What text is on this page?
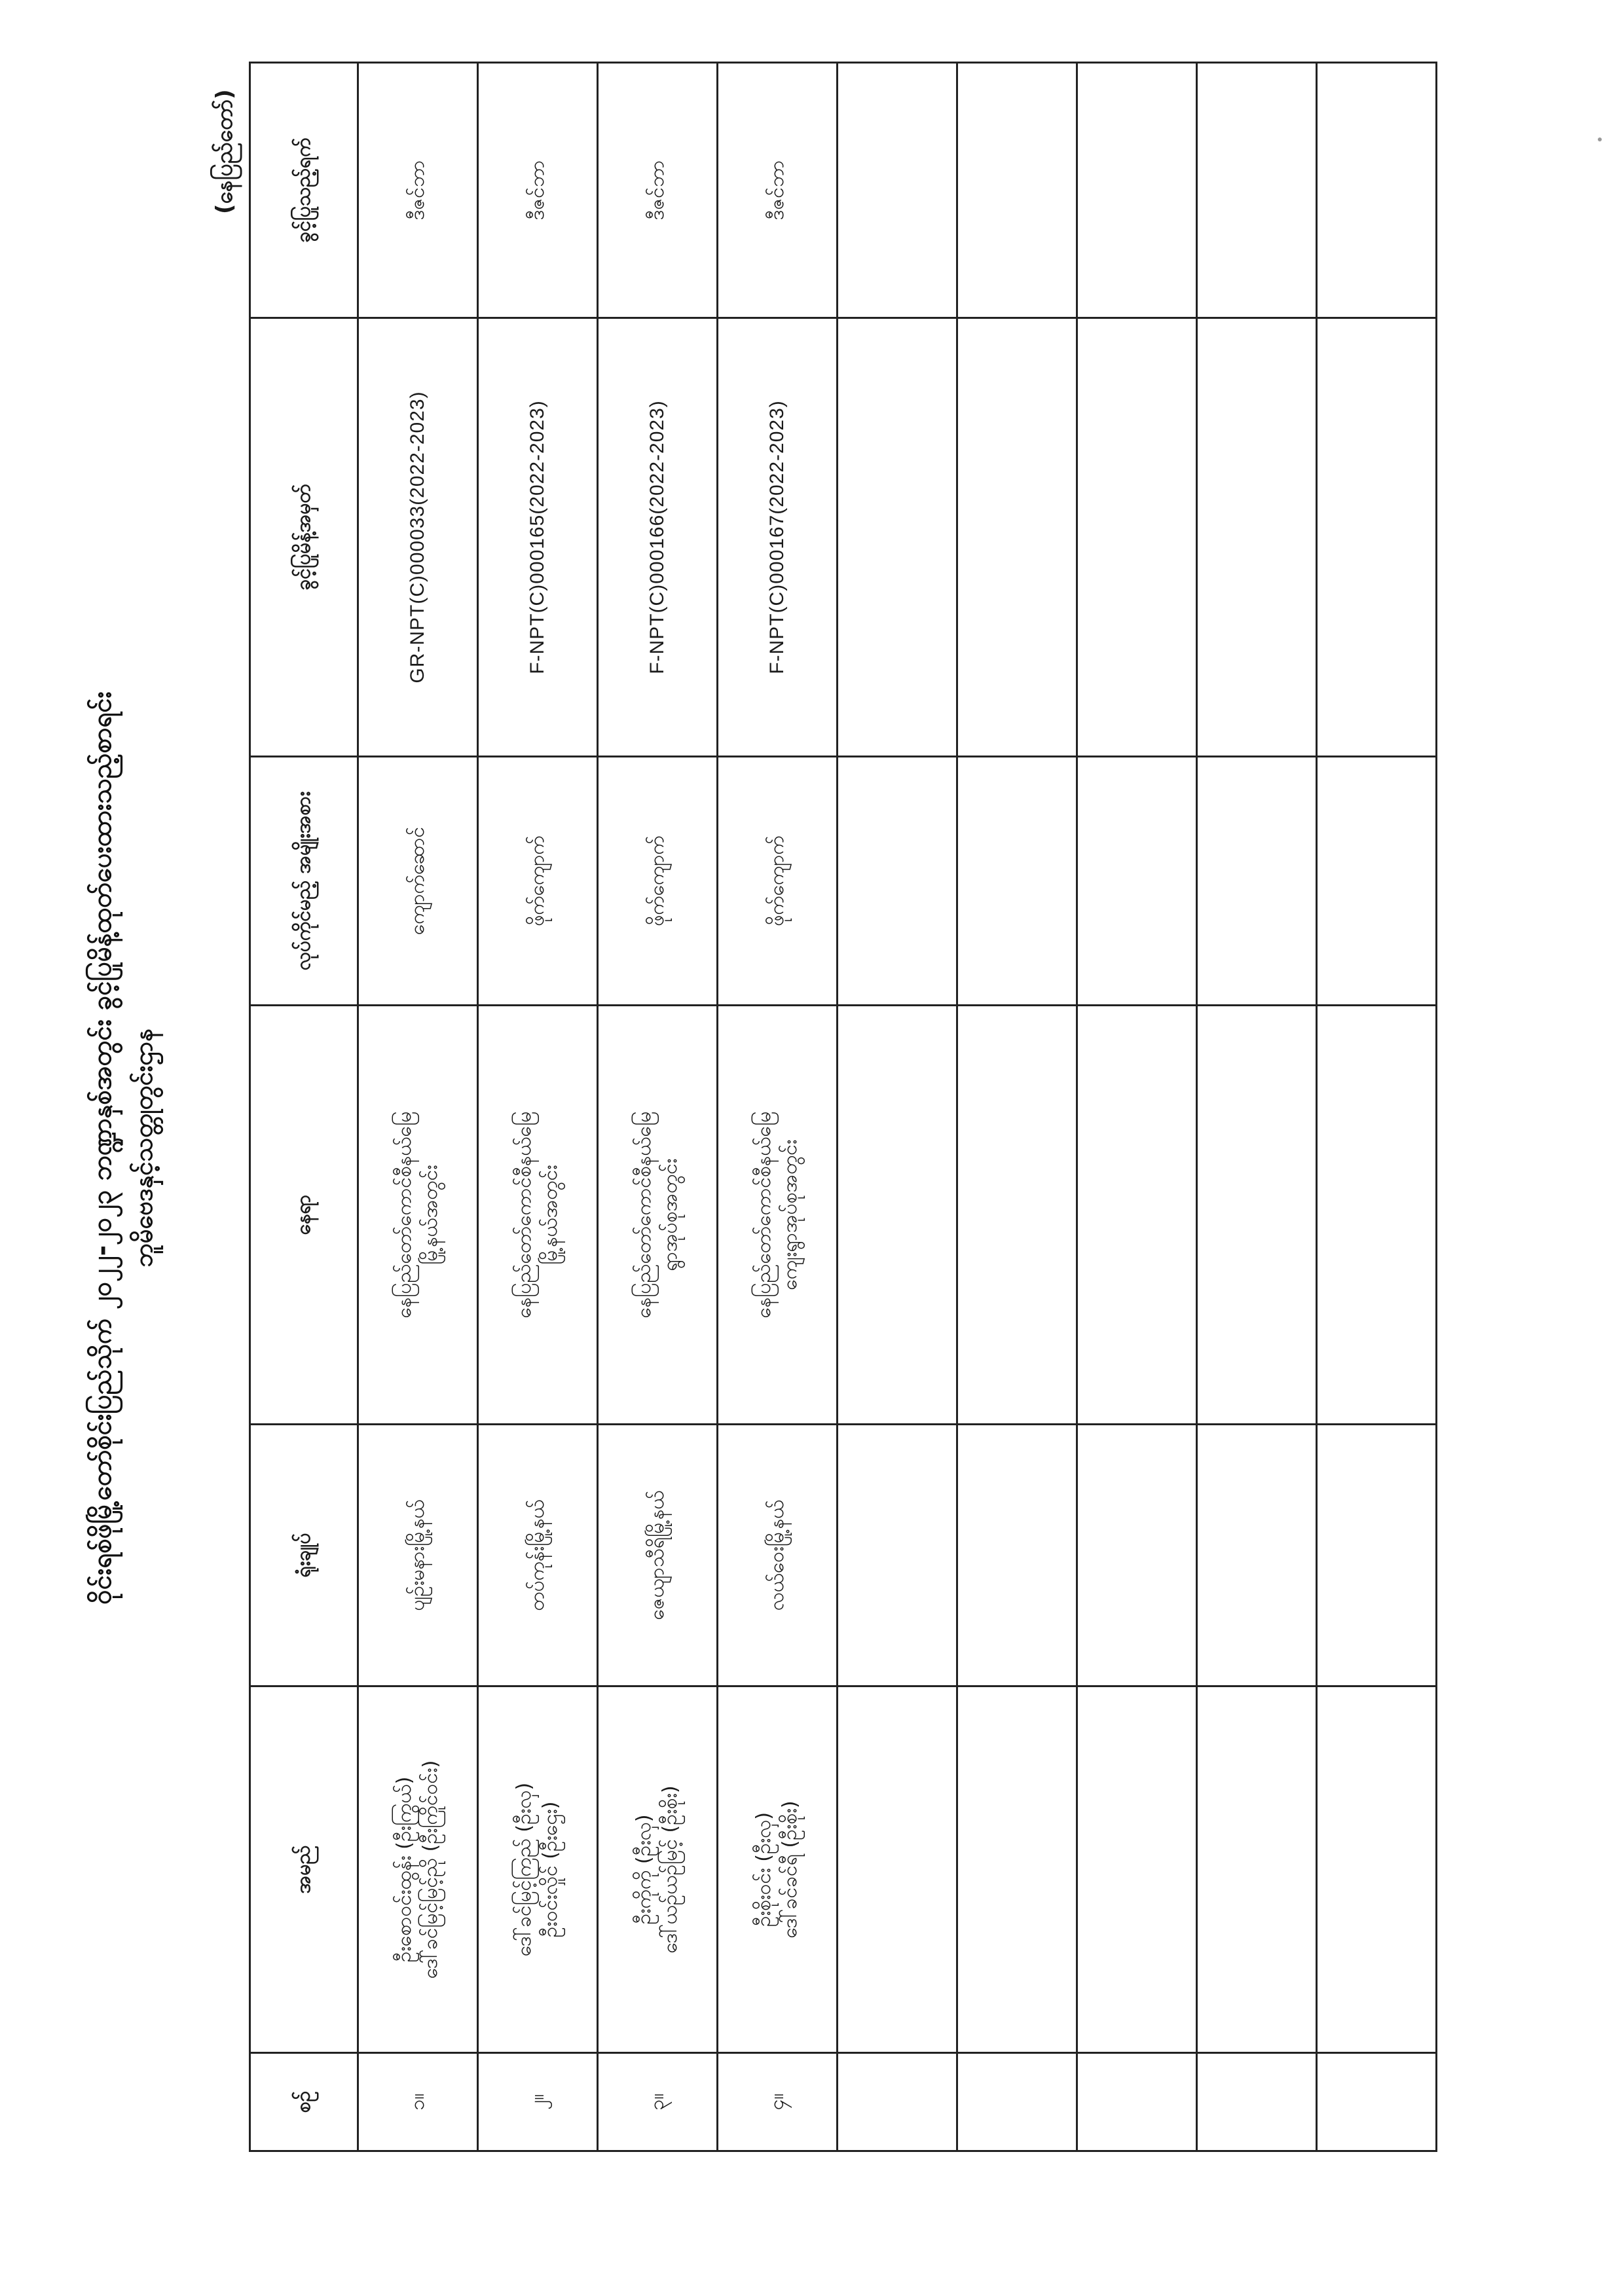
ဝိုင်းရစ်ဖိုမြို့တော်စိုင်းပြည်သိုက် ၂၀၂၂-၂၀၂၃ ဘဏ္ဍာနှစ်အတွင်း ခွင့်ပြုမိန့်ထုတ်ပေးထားသည့်စာရင်း ဘူမိဗေဒနှင့်သတ္တုတွင်းဌာန
(နေပြည်တော်)
စဉ်	အမည်	ရုံးချုပ်	နေရာ	လုပ်ကိုင်မည့် အမျိုးအစား	ခွင့်ပြုမိန့်အမှတ်	ခွင့်ပြုသည့်ရက်
၁။	ဦးစောဝင်းထွန်း (ဦးကြွယ်) ဒေါ်ခင်မြင့်မြင့်ညို (ဦးကြိုင်ဝင်း)	ပျဉ်းမနားမြို့နယ်	နေပြည်တော်ကောင်စီနယ်မြေ မြို့နယ်အတွင်း	ကျောက်ဆောင်	GR-NPT(C)000033(2022-2023)	ဒီဇင်ဘာ
၂။	ဒေါ်ခင်မြင့်ကြည် (ဦးလှ) ဦးဝင်းလှိုင် (ဦးဌေး)	တပ်ကုန်းမြို့နယ်	နေပြည်တော်ကောင်စီနယ်မြေ မြို့နယ်အတွင်း	ဖိုက်ကျောက်	F-NPT(C)000165(2022-2023)	ဒီဇင်ဘာ
၃။	ဦးကိုကို (ဦးလှ) ဒေါ်ယဉ်ယဉ်မြင့် (ဦးစိုး)	ဇေယျာသီရိမြို့နယ်	နေပြည်တော်ကောင်စီနယ်မြေ ရွာအုပ်စုအတွင်း	ဖိုက်ကျောက်	F-NPT(C)000166(2022-2023)	ဒီဇင်ဘာ
၄။	ဦးစိုးဝင်း (ဦးလှ) ဒေါ်ခင်ခင်ရီ (ဦးစိုး)	လယ်ဝေးမြို့နယ်	နေပြည်တော်ကောင်စီနယ်မြေ ကျေးရွာအုပ်စုအတွင်း	ဖိုက်ကျောက်	F-NPT(C)000167(2022-2023)	ဒီဇင်ဘာ
